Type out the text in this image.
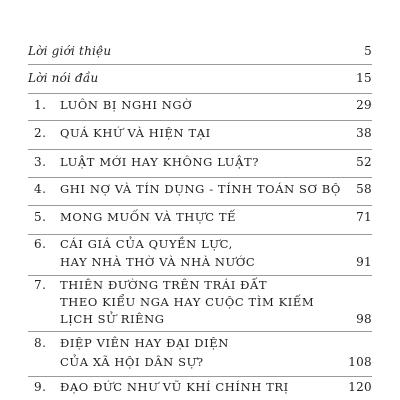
Lời giới thiệu	5
Lời nói đầu	15
1. LUÔN BỊ NGHI NGỜ	29
2. QUÁ KHỨ VÀ HIỆN TẠI	38
3. LUẬT MỚI HAY KHÔNG LUẬT?	52
4. GHI NỢ VÀ TÍN DỤNG - TÍNH TOÁN SƠ BỘ 58
5. MONG MUỐN VÀ THỰC TẾ	71
6. CÁI GIÁ CỦA QUYỀN LỰC,
HAY NHÀ THỜ VÀ NHÀ NƯỚC	91
7. THIÊN ĐƯỜNG TRÊN TRÁI ĐẤT
THEO KIỂU NGA HAY CUỘC TÌM KIẾM
LỊCH SỬ RIÊNG	98
8. ĐIỆP VIÊN HAY ĐẠI DIỆN
CỦA XÃ HỘI DÂN SỰ?	108
9. ĐẠO ĐỨC NHƯ VŨ KHÍ CHÍNH TRỊ	120
